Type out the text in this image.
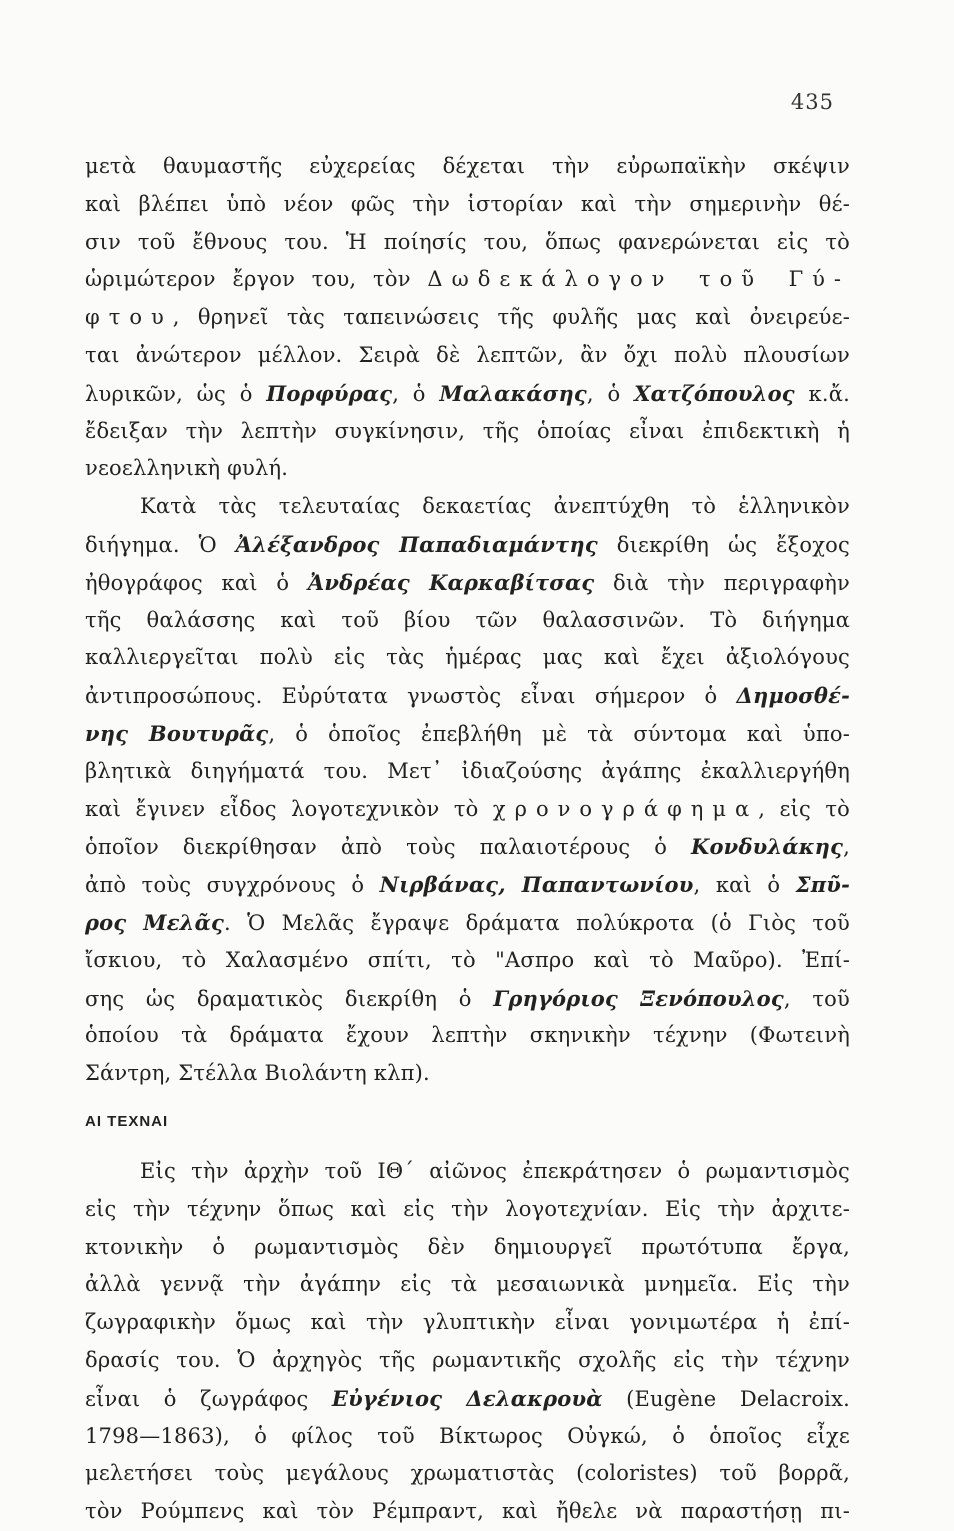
435
μετὰ θαυμαστῆς εὐχερείας δέχεται τὴν εὐρωπαϊκὴν σκέψιν
καὶ βλέπει ὑπὸ νέον φῶς τὴν ἱστορίαν καὶ τὴν σημερινὴν θέ-
σιν τοῦ ἔθνους του. Ἡ ποίησίς του, ὅπως φανερώνεται εἰς τὸ
ὡριμώτερον ἔργον του, τὸν Δωδεκάλογον τοῦ Γύ-
φτου, θρηνεῖ τὰς ταπεινώσεις τῆς φυλῆς μας καὶ ὀνειρεύε-
ται ἀνώτερον μέλλον. Σειρὰ δὲ λεπτῶν, ἂν ὄχι πολὺ πλουσίων
λυρικῶν, ὡς ὁ Πορφύρας, ὁ Μαλακάσης, ὁ Χατζόπουλος κ.ἄ.
ἔδειξαν τὴν λεπτὴν συγκίνησιν, τῆς ὁποίας εἶναι ἐπιδεκτικὴ ἡ
νεοελληνικὴ φυλή.
Κατὰ τὰς τελευταίας δεκαετίας ἀνεπτύχθη τὸ ἑλληνικὸν
διήγημα. Ὁ Ἀλέξανδρος Παπαδιαμάντης διεκρίθη ὡς ἔξοχος
ἠθογράφος καὶ ὁ Ἀνδρέας Καρκαβίτσας διὰ τὴν περιγραφὴν
τῆς θαλάσσης καὶ τοῦ βίου τῶν θαλασσινῶν. Τὸ διήγημα
καλλιεργεῖται πολὺ εἰς τὰς ἡμέρας μας καὶ ἔχει ἀξιολόγους
ἀντιπροσώπους. Εὐρύτατα γνωστὸς εἶναι σήμερον ὁ Δημοσθέ-
νης Βουτυρᾶς, ὁ ὁποῖος ἐπεβλήθη μὲ τὰ σύντομα καὶ ὑπο-
βλητικὰ διηγήματά του. Μετ᾽ ἰδιαζούσης ἀγάπης ἐκαλλιεργήθη
καὶ ἔγινεν εἶδος λογοτεχνικὸν τὸ χρονογράφημα, εἰς τὸ
ὁποῖον διεκρίθησαν ἀπὸ τοὺς παλαιοτέρους ὁ Κονδυλάκης,
ἀπὸ τοὺς συγχρόνους ὁ Νιρβάνας, Παπαντωνίου, καὶ ὁ Σπῦ-
ρος Μελᾶς. Ὁ Μελᾶς ἔγραψε δράματα πολύκροτα (ὁ Γιὸς τοῦ
ἴσκιου, τὸ Χαλασμένο σπίτι, τὸ "Ασπρο καὶ τὸ Μαῦρο). Ἐπί-
σης ὡς δραματικὸς διεκρίθη ὁ Γρηγόριος Ξενόπουλος, τοῦ
ὁποίου τὰ δράματα ἔχουν λεπτὴν σκηνικὴν τέχνην (Φωτεινὴ
Σάντρη, Στέλλα Βιολάντη κλπ).
ΑΙ ΤΕΧΝΑΙ
Εἰς τὴν ἀρχὴν τοῦ ΙΘ΄ αἰῶνος ἐπεκράτησεν ὁ ρωμαντισμὸς
εἰς τὴν τέχνην ὅπως καὶ εἰς τὴν λογοτεχνίαν. Εἰς τὴν ἀρχιτε-
κτονικὴν ὁ ρωμαντισμὸς δὲν δημιουργεῖ πρωτότυπα ἔργα,
ἀλλὰ γεννᾷ τὴν ἀγάπην εἰς τὰ μεσαιωνικὰ μνημεῖα. Εἰς τὴν
ζωγραφικὴν ὅμως καὶ τὴν γλυπτικὴν εἶναι γονιμωτέρα ἡ ἐπί-
δρασίς του. Ὁ ἀρχηγὸς τῆς ρωμαντικῆς σχολῆς εἰς τὴν τέχνην
εἶναι ὁ ζωγράφος Εὐγένιος Δελακρουὰ (Eugène Delacroix.
1798—1863), ὁ φίλος τοῦ Βίκτωρος Οὐγκώ, ὁ ὁποῖος εἶχε
μελετήσει τοὺς μεγάλους χρωματιστὰς (coloristes) τοῦ βορρᾶ,
τὸν Ρούμπενς καὶ τὸν Ρέμπραντ, καὶ ἤθελε νὰ παραστήσῃ πι-
